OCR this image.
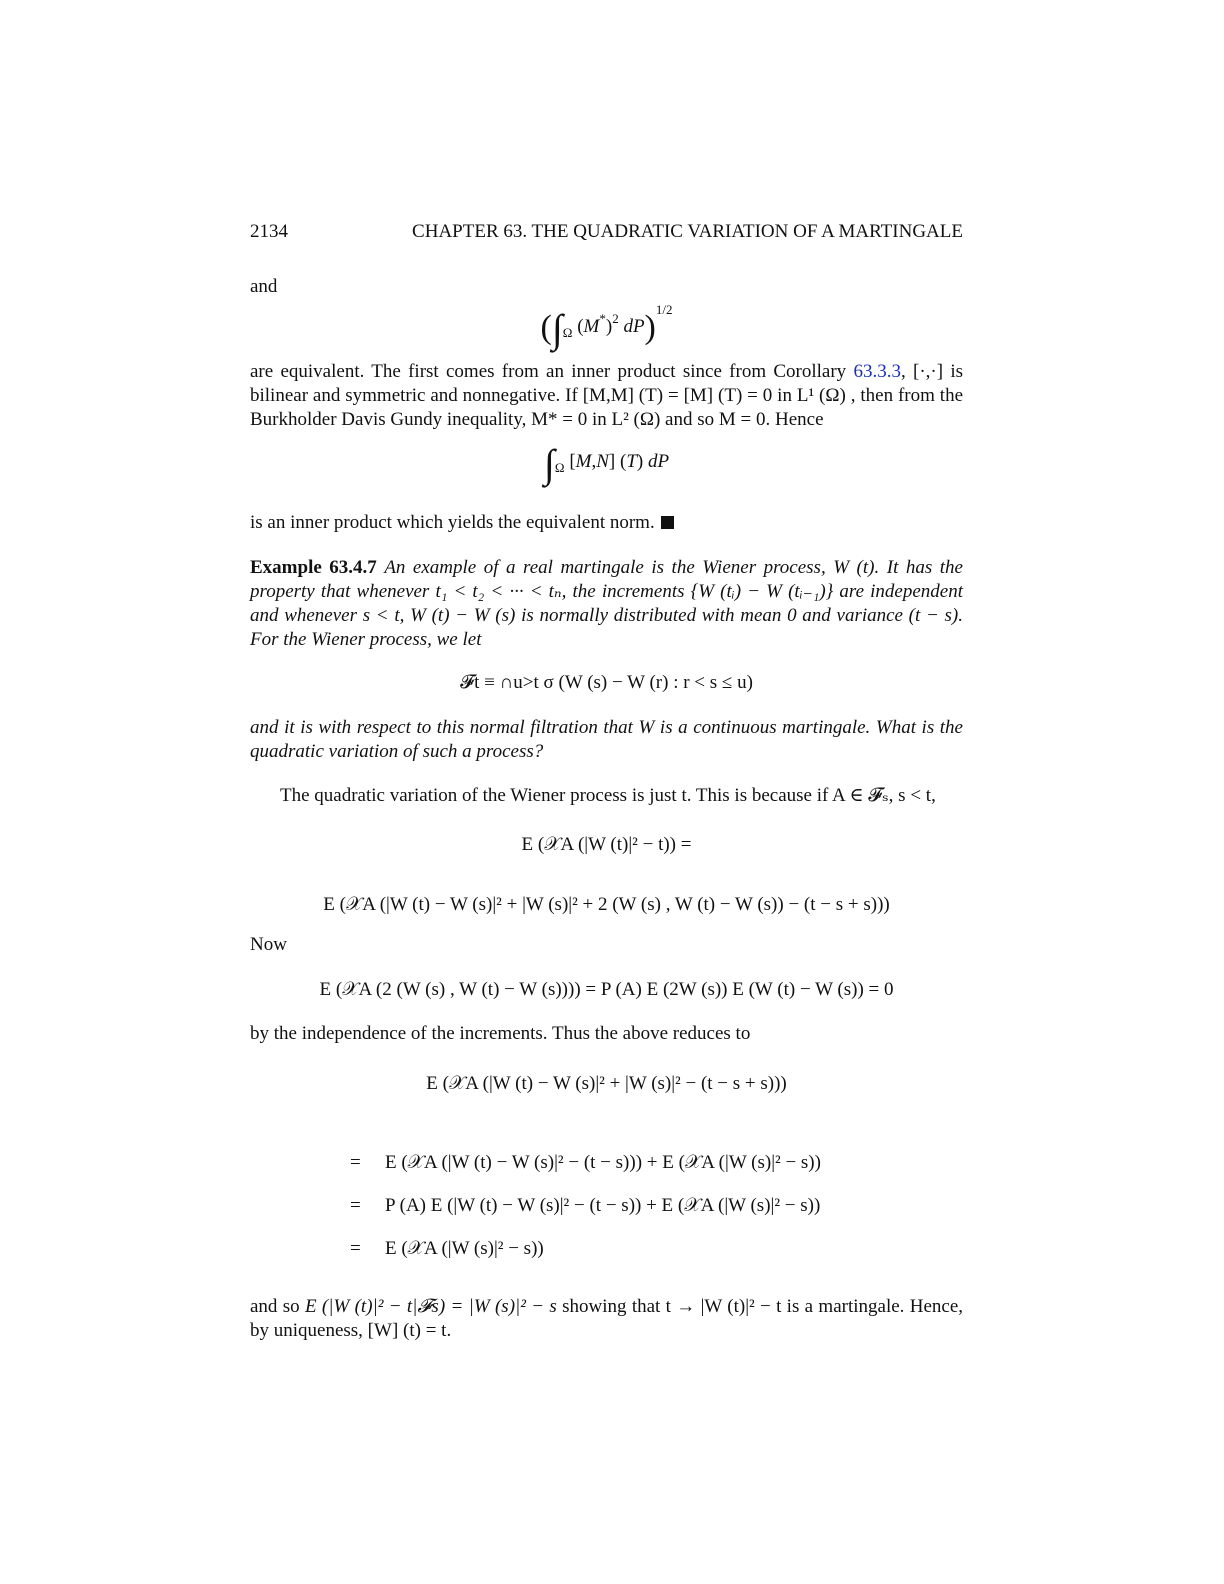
2134	CHAPTER 63. THE QUADRATIC VARIATION OF A MARTINGALE
and
($\int_\Omega$ $(M^*)^2$ dP)$^{1/2}$
are equivalent. The first comes from an inner product since from Corollary 63.3.3, [·,·] is bilinear and symmetric and nonnegative. If [M,M] (T) = [M] (T) = 0 in L¹ (Ω) , then from the Burkholder Davis Gundy inequality, M* = 0 in L² (Ω) and so M = 0. Hence
$\int_\Omega$ [M,N] (T) dP
is an inner product which yields the equivalent norm.
Example 63.4.7 An example of a real martingale is the Wiener process, W (t). It has the property that whenever t₁ < t₂ < ··· < tₙ, the increments {W (tᵢ) − W (tᵢ₋₁)} are independent and whenever s < t, W (t) − W (s) is normally distributed with mean 0 and variance (t − s). For the Wiener process, we let
𝓕t ≡ ∩u>t σ (W (s) − W (r) : r < s ≤ u)
and it is with respect to this normal filtration that W is a continuous martingale. What is the quadratic variation of such a process?
The quadratic variation of the Wiener process is just t. This is because if A ∈ 𝓕ₛ, s < t,
E (𝒳A (|W (t)|² − t)) =
E (𝒳A (|W (t) − W (s)|² + |W (s)|² + 2 (W (s) , W (t) − W (s)) − (t − s + s)))
Now
E (𝒳A (2 (W (s) , W (t) − W (s)))) = P (A) E (2W (s)) E (W (t) − W (s)) = 0
by the independence of the increments. Thus the above reduces to
E (𝒳A (|W (t) − W (s)|² + |W (s)|² − (t − s + s)))
= E (𝒳A (|W (t) − W (s)|² − (t − s))) + E (𝒳A (|W (s)|² − s))
= P (A) E (|W (t) − W (s)|² − (t − s)) + E (𝒳A (|W (s)|² − s))
= E (𝒳A (|W (s)|² − s))
and so E (|W (t)|² − t|𝓕s) = |W (s)|² − s showing that t → |W (t)|² − t is a martingale. Hence, by uniqueness, [W] (t) = t.
